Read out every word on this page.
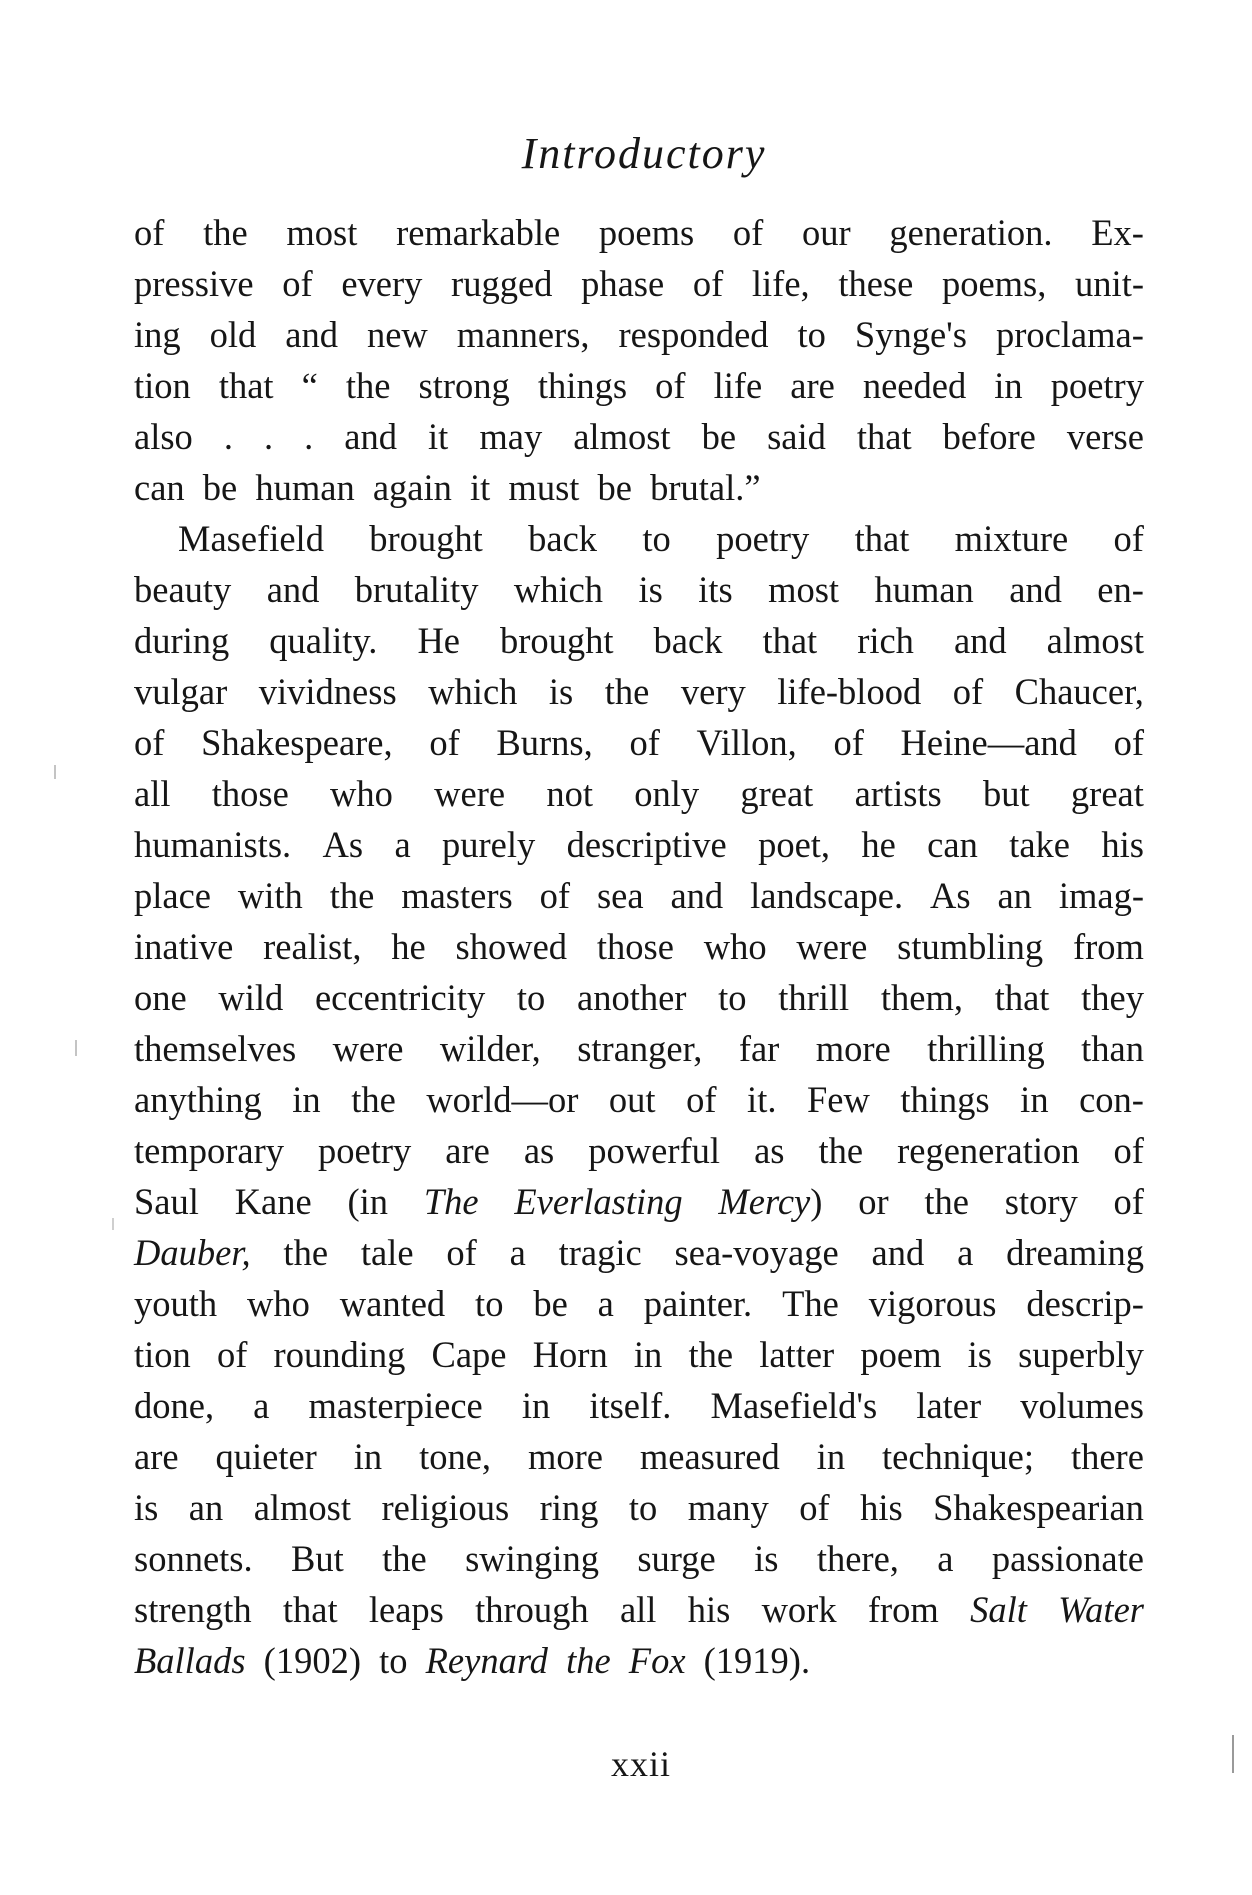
Introductory
of the most remarkable poems of our generation. Ex-
pressive of every rugged phase of life, these poems, unit-
ing old and new manners, responded to Synge's proclama-
tion that “ the strong things of life are needed in poetry
also . . . and it may almost be said that before verse
can be human again it must be brutal.”
Masefield brought back to poetry that mixture of
beauty and brutality which is its most human and en-
during quality. He brought back that rich and almost
vulgar vividness which is the very life-blood of Chaucer,
of Shakespeare, of Burns, of Villon, of Heine—and of
all those who were not only great artists but great
humanists. As a purely descriptive poet, he can take his
place with the masters of sea and landscape. As an imag-
inative realist, he showed those who were stumbling from
one wild eccentricity to another to thrill them, that they
themselves were wilder, stranger, far more thrilling than
anything in the world—or out of it. Few things in con-
temporary poetry are as powerful as the regeneration of
Saul Kane (in The Everlasting Mercy) or the story of
Dauber, the tale of a tragic sea-voyage and a dreaming
youth who wanted to be a painter. The vigorous descrip-
tion of rounding Cape Horn in the latter poem is superbly
done, a masterpiece in itself. Masefield's later volumes
are quieter in tone, more measured in technique; there
is an almost religious ring to many of his Shakespearian
sonnets. But the swinging surge is there, a passionate
strength that leaps through all his work from Salt Water
Ballads (1902) to Reynard the Fox (1919).
xxii
